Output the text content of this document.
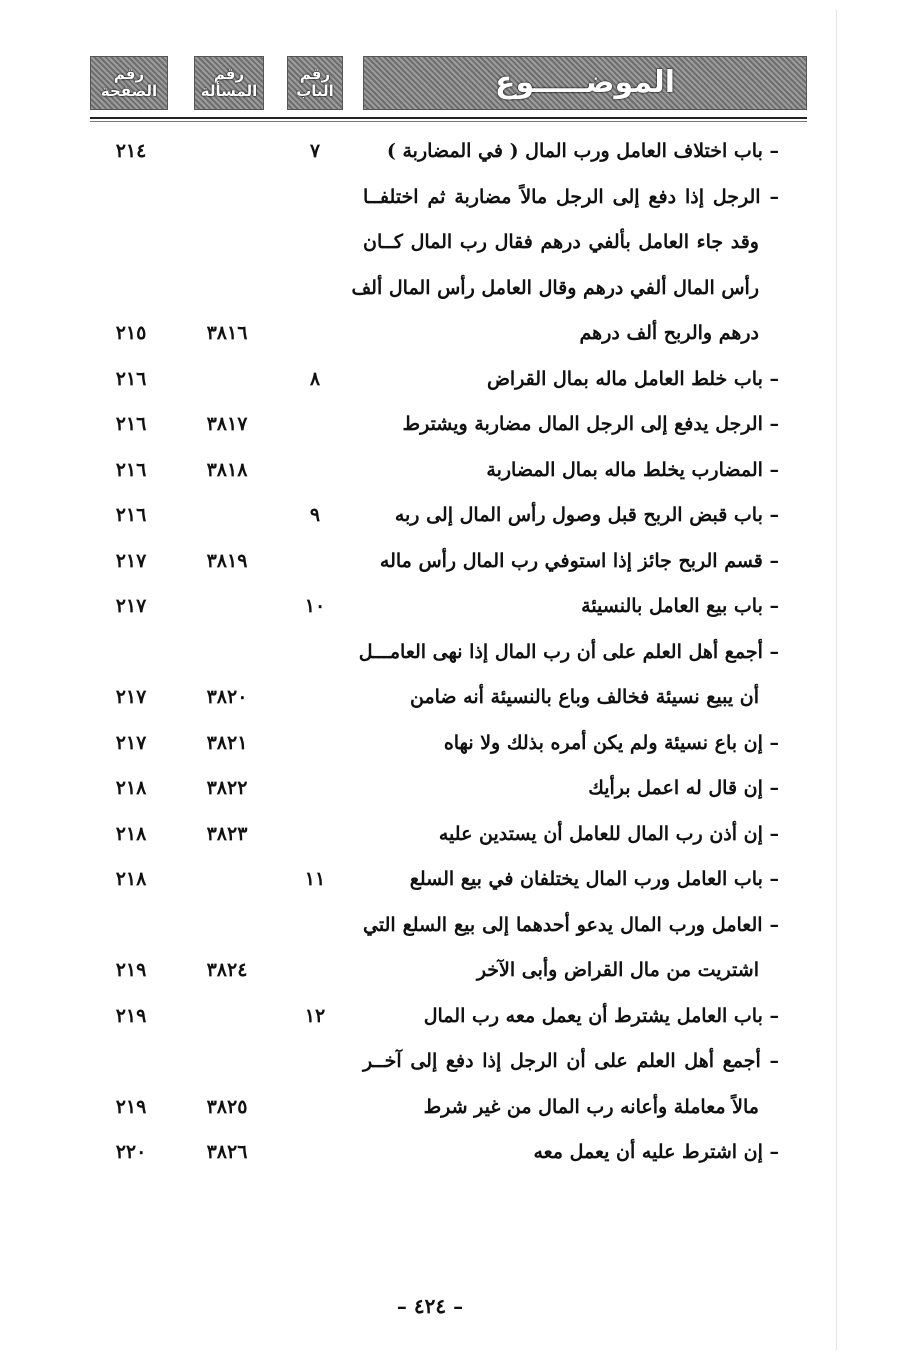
الموضـــــوع
رقم الباب
رقم المسألة
رقم الصفحة
– باب اختلاف العامل ورب المال ( في المضاربة )
٧
٢١٤
– الرجل إذا دفع إلى الرجل مالاً مضاربة ثم اختلفــا
وقد جاء العامل بألفي درهم فقال رب المال كــان
رأس المال ألفي درهم وقال العامل رأس المال ألف
درهم والربح ألف درهم
٣٨١٦
٢١٥
– باب خلط العامل ماله بمال القراض
٨
٢١٦
– الرجل يدفع إلى الرجل المال مضاربة ويشترط
٣٨١٧
٢١٦
– المضارب يخلط ماله بمال المضاربة
٣٨١٨
٢١٦
– باب قبض الربح قبل وصول رأس المال إلى ربه
٩
٢١٦
– قسم الربح جائز إذا استوفي رب المال رأس ماله
٣٨١٩
٢١٧
– باب بيع العامل بالنسيئة
١٠
٢١٧
– أجمع أهل العلم على أن رب المال إذا نهى العامـــل
أن يبيع نسيئة فخالف وباع بالنسيئة أنه ضامن
٣٨٢٠
٢١٧
– إن باع نسيئة ولم يكن أمره بذلك ولا نهاه
٣٨٢١
٢١٧
– إن قال له اعمل برأيك
٣٨٢٢
٢١٨
– إن أذن رب المال للعامل أن يستدين عليه
٣٨٢٣
٢١٨
– باب العامل ورب المال يختلفان في بيع السلع
١١
٢١٨
– العامل ورب المال يدعو أحدهما إلى بيع السلع التي
اشتريت من مال القراض وأبى الآخر
٣٨٢٤
٢١٩
– باب العامل يشترط أن يعمل معه رب المال
١٢
٢١٩
– أجمع أهل العلم على أن الرجل إذا دفع إلى آخــر
مالاً معاملة وأعانه رب المال من غير شرط
٣٨٢٥
٢١٩
– إن اشترط عليه أن يعمل معه
٣٨٢٦
٢٢٠
– ٤٢٤ –
